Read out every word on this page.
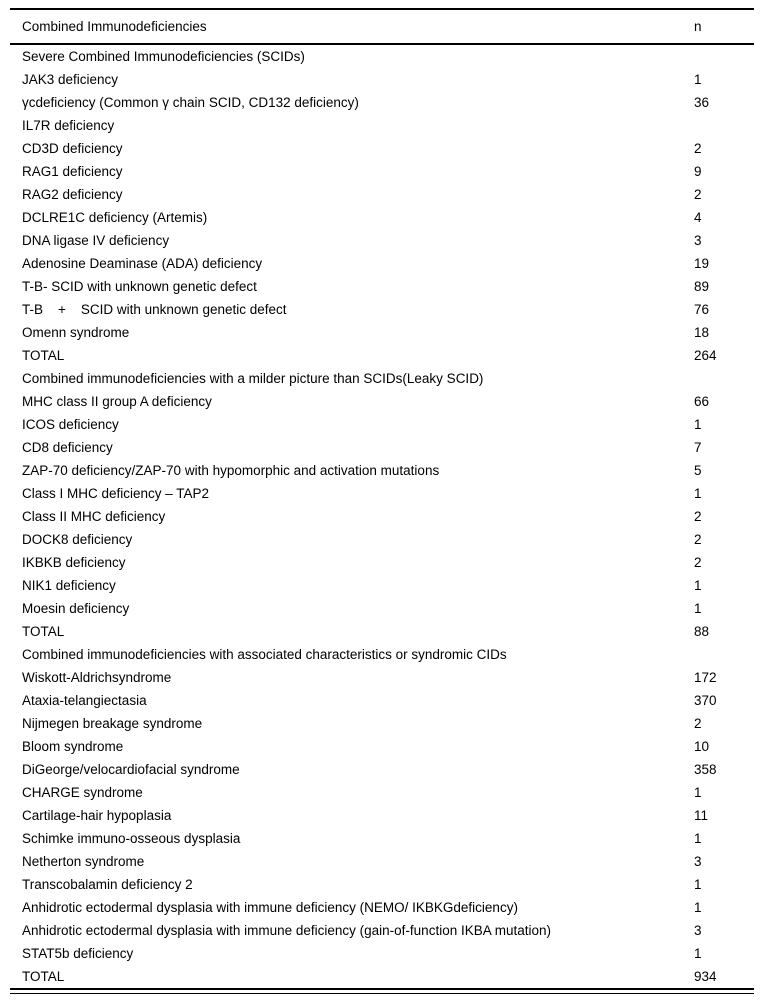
Combined Immunodeficiencies	n
Severe Combined Immunodeficiencies (SCIDs)	
JAK3 deficiency	1
γcdeficiency (Common γ chain SCID, CD132 deficiency)	36
IL7R deficiency	
CD3D deficiency	2
RAG1 deficiency	9
RAG2 deficiency	2
DCLRE1C deficiency (Artemis)	4
DNA ligase IV deficiency	3
Adenosine Deaminase (ADA) deficiency	19
T-B- SCID with unknown genetic defect	89
T-B    +    SCID with unknown genetic defect	76
Omenn syndrome	18
TOTAL	264
Combined immunodeficiencies with a milder picture than SCIDs(Leaky SCID)	
MHC class II group A deficiency	66
ICOS deficiency	1
CD8 deficiency	7
ZAP-70 deficiency/ZAP-70 with hypomorphic and activation mutations	5
Class I MHC deficiency – TAP2	1
Class II MHC deficiency	2
DOCK8 deficiency	2
IKBKB deficiency	2
NIK1 deficiency	1
Moesin deficiency	1
TOTAL	88
Combined immunodeficiencies with associated characteristics or syndromic CIDs	
Wiskott-Aldrichsyndrome	172
Ataxia-telangiectasia	370
Nijmegen breakage syndrome	2
Bloom syndrome	10
DiGeorge/velocardiofacial syndrome	358
CHARGE syndrome	1
Cartilage-hair hypoplasia	11
Schimke immuno-osseous dysplasia	1
Netherton syndrome	3
Transcobalamin deficiency 2	1
Anhidrotic ectodermal dysplasia with immune deficiency (NEMO/ IKBKGdeficiency)	1
Anhidrotic ectodermal dysplasia with immune deficiency (gain-of-function IKBA mutation)	3
STAT5b deficiency	1
TOTAL	934
